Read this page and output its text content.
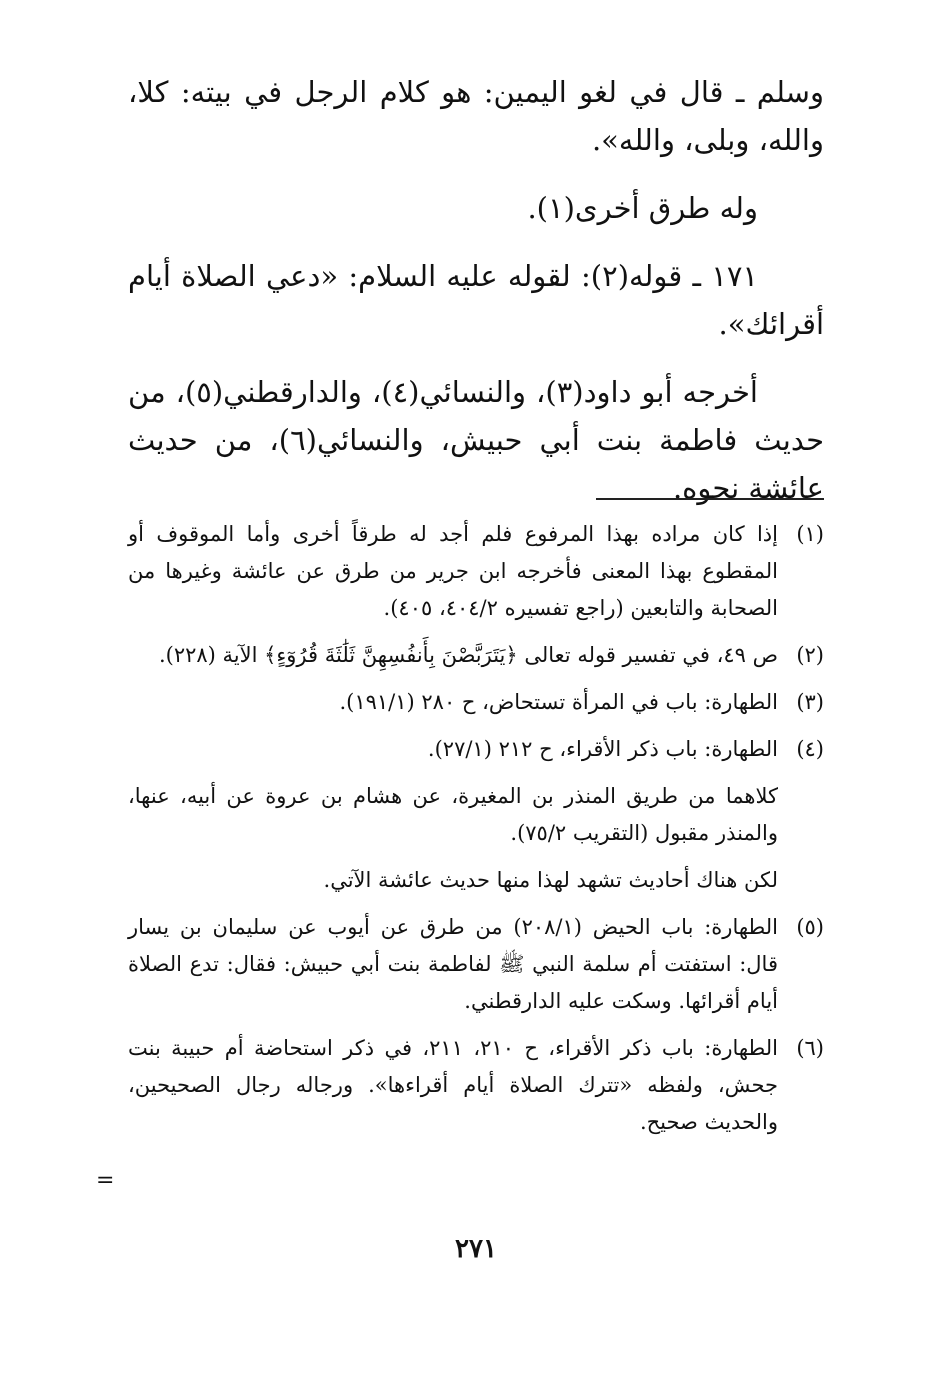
وسلم ـ قال في لغو اليمين: هو كلام الرجل في بيته: كلا، والله، وبلى، والله».

وله طرق أخرى(١).

١٧١ ـ قوله(٢): لقوله عليه السلام: «دعي الصلاة أيام أقرائك».

أخرجه أبو داود(٣)، والنسائي(٤)، والدارقطني(٥)، من حديث فاطمة بنت أبي حبيش، والنسائي(٦)، من حديث عائشة نحوه.

(١)
إذا كان مراده بهذا المرفوع فلم أجد له طرقاً أخرى وأما الموقوف أو المقطوع بهذا المعنى فأخرجه ابن جرير من طرق عن عائشة وغيرها من الصحابة والتابعين (راجع تفسيره ٤٠٤/٢، ٤٠٥).
(٢)
ص ٤٩، في تفسير قوله تعالى ﴿يَتَرَبَّصْنَ بِأَنفُسِهِنَّ ثَلَٰثَةَ قُرُوٓءٍ﴾ الآية (٢٢٨).
(٣)
الطهارة: باب في المرأة تستحاض، ح ٢٨٠ (١٩١/١).
(٤)
الطهارة: باب ذكر الأقراء، ح ٢١٢ (٢٧/١).

كلاهما من طريق المنذر بن المغيرة، عن هشام بن عروة عن أبيه، عنها، والمنذر مقبول (التقريب ٧٥/٢).

لكن هناك أحاديث تشهد لهذا منها حديث عائشة الآتي.

(٥)
الطهارة: باب الحيض (٢٠٨/١) من طرق عن أيوب عن سليمان بن يسار قال: استفتت أم سلمة النبي ﷺ لفاطمة بنت أبي حبيش: فقال: تدع الصلاة أيام أقرائها. وسكت عليه الدارقطني.
(٦)
الطهارة: باب ذكر الأقراء، ح ٢١٠، ٢١١، في ذكر استحاضة أم حبيبة بنت جحش، ولفظه «تترك الصلاة أيام أقراءها». ورجاله رجال الصحيحين، والحديث صحيح.
=
٢٧١
